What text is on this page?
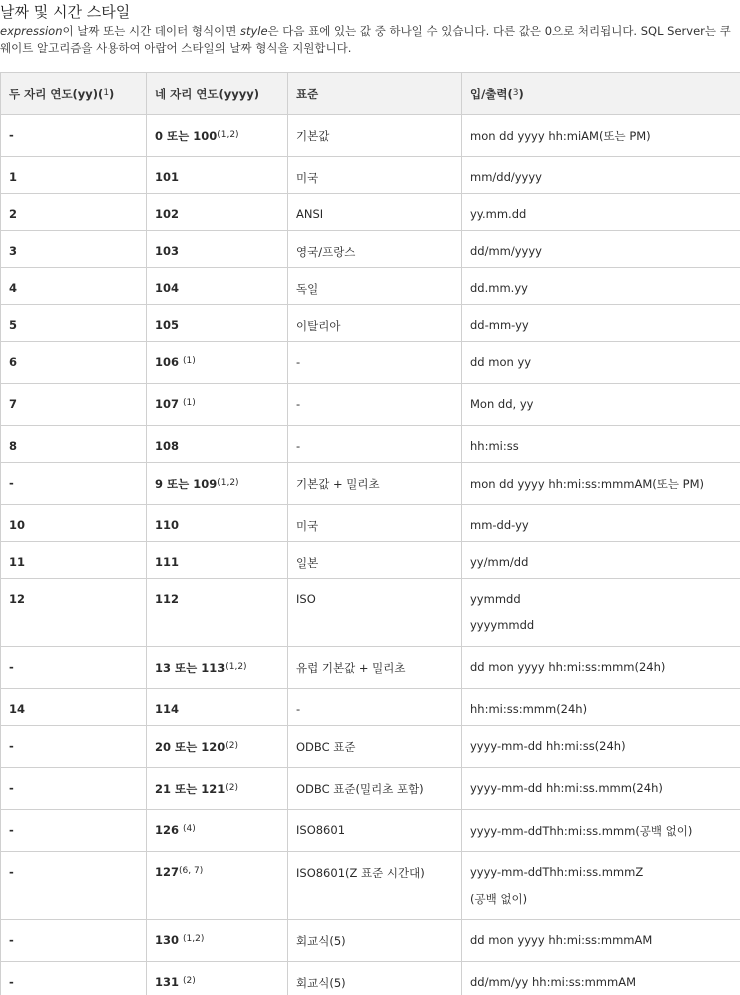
날짜 및 시간 스타일

expression이 날짜 또는 시간 데이터 형식이면 style은 다음 표에 있는 값 중 하나일 수 있습니다. 다른 값은 0으로 처리됩니다. SQL Server는 쿠웨이트 알고리즘을 사용하여 아랍어 스타일의 날짜 형식을 지원합니다.

두 자리 연도(yy)($^1$)	네 자리 연도(yyyy)	표준	입/출력($^3$)
-	0 또는 100$^{(1,2)}$	기본값	mon dd yyyy hh:miAM(또는 PM)
1	101	미국	mm/dd/yyyy
2	102	ANSI	yy.mm.dd
3	103	영국/프랑스	dd/mm/yyyy
4	104	독일	dd.mm.yy
5	105	이탈리아	dd-mm-yy
6	106 $^{(1)}$	-	dd mon yy
7	107 $^{(1)}$	-	Mon dd, yy
8	108	-	hh:mi:ss
-	9 또는 109$^{(1,2)}$	기본값 + 밀리초	mon dd yyyy hh:mi:ss:mmmAM(또는 PM)
10	110	미국	mm-dd-yy
11	111	일본	yy/mm/dd
12	112	ISO	yymmdd
yyyymmdd

-	13 또는 113$^{(1,2)}$	유럽 기본값 + 밀리초	dd mon yyyy hh:mi:ss:mmm(24h)
14	114	-	hh:mi:ss:mmm(24h)
-	20 또는 120$^{(2)}$	ODBC 표준	yyyy-mm-dd hh:mi:ss(24h)
-	21 또는 121$^{(2)}$	ODBC 표준(밀리초 포함)	yyyy-mm-dd hh:mi:ss.mmm(24h)
-	126 $^{(4)}$	ISO8601	yyyy-mm-ddThh:mi:ss.mmm(공백 없이)
-	127$^{(6, 7)}$	ISO8601(Z 표준 시간대)	yyyy-mm-ddThh:mi:ss.mmmZ
(공백 없이)

-	130 $^{(1,2)}$	회교식(5)	dd mon yyyy hh:mi:ss:mmmAM
-	131 $^{(2)}$	회교식(5)	dd/mm/yy hh:mi:ss:mmmAM
